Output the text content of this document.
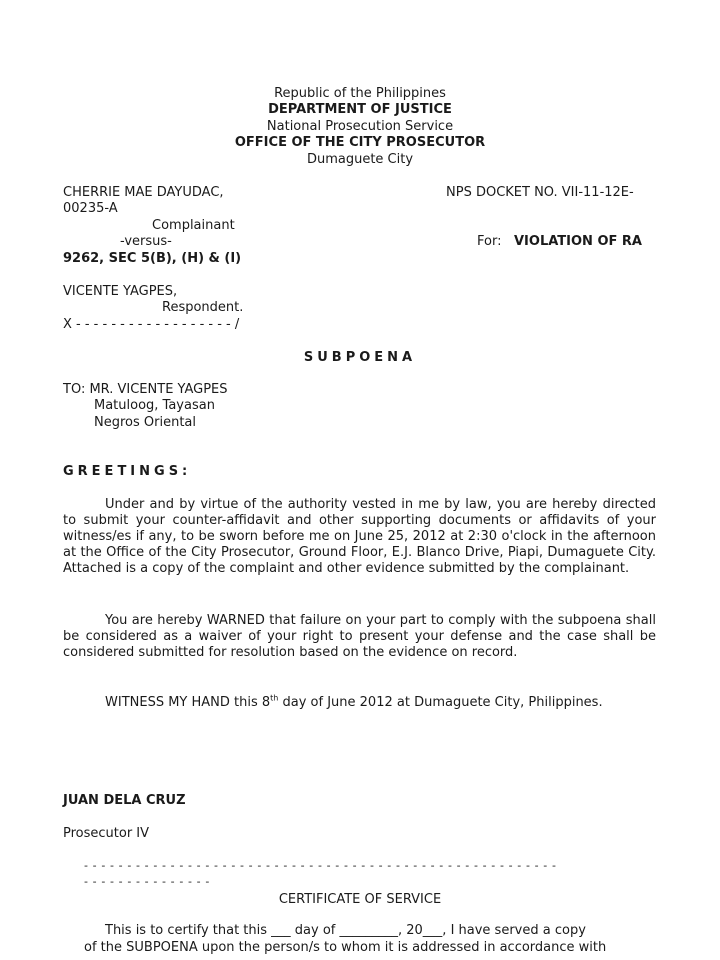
Republic of the Philippines
DEPARTMENT OF JUSTICE
National Prosecution Service
OFFICE OF THE CITY PROSECUTOR
Dumaguete City
CHERRIE MAE DAYUDAC,	NPS DOCKET NO. VII-11-12E-
00235-A
Complainant
-versus-	For: VIOLATION OF RA
9262, SEC 5(B), (H) & (I)
VICENTE YAGPES,
Respondent.
X - - - - - - - - - - - - - - - - - - /
SUBPOENA
TO: MR. VICENTE YAGPES
Matuloog, Tayasan
Negros Oriental
GREETINGS:
Under and by virtue of the authority vested in me by law, you are hereby directed to submit your counter-affidavit and other supporting documents or affidavits of your witness/es if any, to be sworn before me on June 25, 2012 at 2:30 o'clock in the afternoon at the Office of the City Prosecutor, Ground Floor, E.J. Blanco Drive, Piapi, Dumaguete City. Attached is a copy of the complaint and other evidence submitted by the complainant.
You are hereby WARNED that failure on your part to comply with the subpoena shall be considered as a waiver of your right to present your defense and the case shall be considered submitted for resolution based on the evidence on record.
WITNESS MY HAND this 8th day of June 2012 at Dumaguete City, Philippines.
JUAN DELA CRUZ
Prosecutor IV
- - - - - - - - - - - - - - - - - - - - - - - - - - - - - - - - - - - - - - - - - - - - - - - - - - - - - - -
- - - - - - - - - - - - - - -
CERTIFICATE OF SERVICE
This is to certify that this ___ day of _________, 20___, I have served a copy
of the SUBPOENA upon the person/s to whom it is addressed in accordance with
